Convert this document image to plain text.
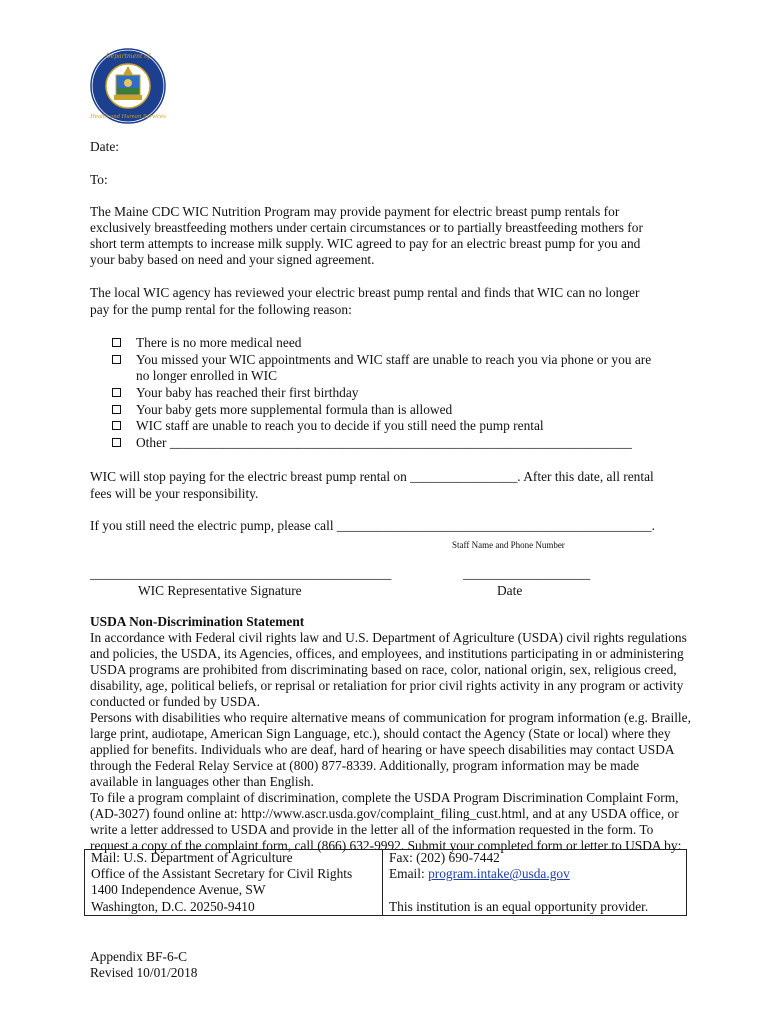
Department of
Health and Human Services
Date:
To:
The Maine CDC WIC Nutrition Program may provide payment for electric breast pump rentals for
exclusively breastfeeding mothers under certain circumstances or to partially breastfeeding mothers for
short term attempts to increase milk supply. WIC agreed to pay for an electric breast pump for you and
your baby based on need and your signed agreement.
The local WIC agency has reviewed your electric breast pump rental and finds that WIC can no longer
pay for the pump rental for the following reason:
There is no more medical need
You missed your WIC appointments and WIC staff are unable to reach you via phone or you are
no longer enrolled in WIC
Your baby has reached their first birthday
Your baby gets more supplemental formula than is allowed
WIC staff are unable to reach you to decide if you still need the pump rental
Other _____________________________________________________________________
WIC will stop paying for the electric breast pump rental on ________________. After this date, all rental
fees will be your responsibility.
If you still need the electric pump, please call _______________________________________________.
Staff Name and Phone Number
_____________________________________________	___________________
WIC Representative Signature	Date
USDA Non-Discrimination Statement
In accordance with Federal civil rights law and U.S. Department of Agriculture (USDA) civil rights regulations
and policies, the USDA, its Agencies, offices, and employees, and institutions participating in or administering
USDA programs are prohibited from discriminating based on race, color, national origin, sex, religious creed,
disability, age, political beliefs, or reprisal or retaliation for prior civil rights activity in any program or activity
conducted or funded by USDA.
Persons with disabilities who require alternative means of communication for program information (e.g. Braille,
large print, audiotape, American Sign Language, etc.), should contact the Agency (State or local) where they
applied for benefits. Individuals who are deaf, hard of hearing or have speech disabilities may contact USDA
through the Federal Relay Service at (800) 877-8339. Additionally, program information may be made
available in languages other than English.
To file a program complaint of discrimination, complete the USDA Program Discrimination Complaint Form,
(AD-3027) found online at: http://www.ascr.usda.gov/complaint_filing_cust.html, and at any USDA office, or
write a letter addressed to USDA and provide in the letter all of the information requested in the form. To
request a copy of the complaint form, call (866) 632-9992. Submit your completed form or letter to USDA by:
Mail: U.S. Department of Agriculture
Office of the Assistant Secretary for Civil Rights
1400 Independence Avenue, SW
Washington, D.C. 20250-9410

Fax: (202) 690-7442
Email: program.intake@usda.gov

This institution is an equal opportunity provider.
Appendix BF-6-C
Revised 10/01/2018
